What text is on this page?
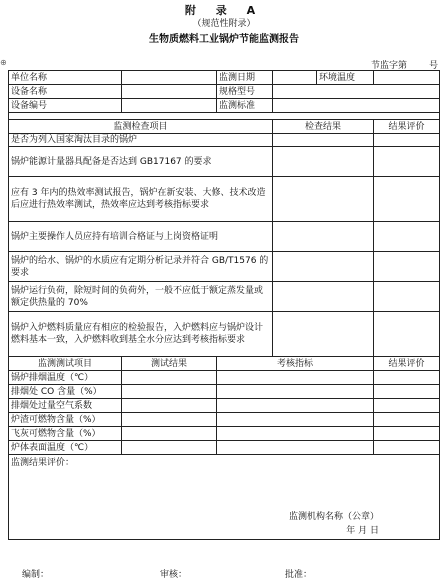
附 录 A
（规范性附录）
生物质燃料工业锅炉节能监测报告
⊕	节监字第 号
单位名称		监测日期		环境温度	
设备名称		规格型号			
设备编号		监测标准			

监测检查项目			检查结果		结果评价
是否为列入国家淘汰目录的锅炉					
锅炉能源计量器具配备是否达到 GB17167 的要求					
应有 3 年内的热效率测试报告，锅炉在新安装、大修、技术改造后应进行热效率测试，热效率应达到考核指标要求					
锅炉主要操作人员应持有培训合格证与上岗资格证明					
锅炉的给水、锅炉的水质应有定期分析记录并符合 GB/T1576 的要求					
锅炉运行负荷，除短时间的负荷外，一般不应低于额定蒸发量或额定供热量的 70%					
锅炉入炉燃料质量应有相应的检验报告，入炉燃料应与锅炉设计燃料基本一致，入炉燃料收到基全水分应达到考核指标要求					
监测测试项目	测试结果	考核指标			结果评价
锅炉排烟温度（℃）					
排烟处 CO 含量（%）					
排烟处过量空气系数					
炉渣可燃物含量（%）					
飞灰可燃物含量（%）					
炉体表面温度（℃）					
监测结果评价：
监测机构名称（公章）
年 月 日					
编制：	审核：	批准：
